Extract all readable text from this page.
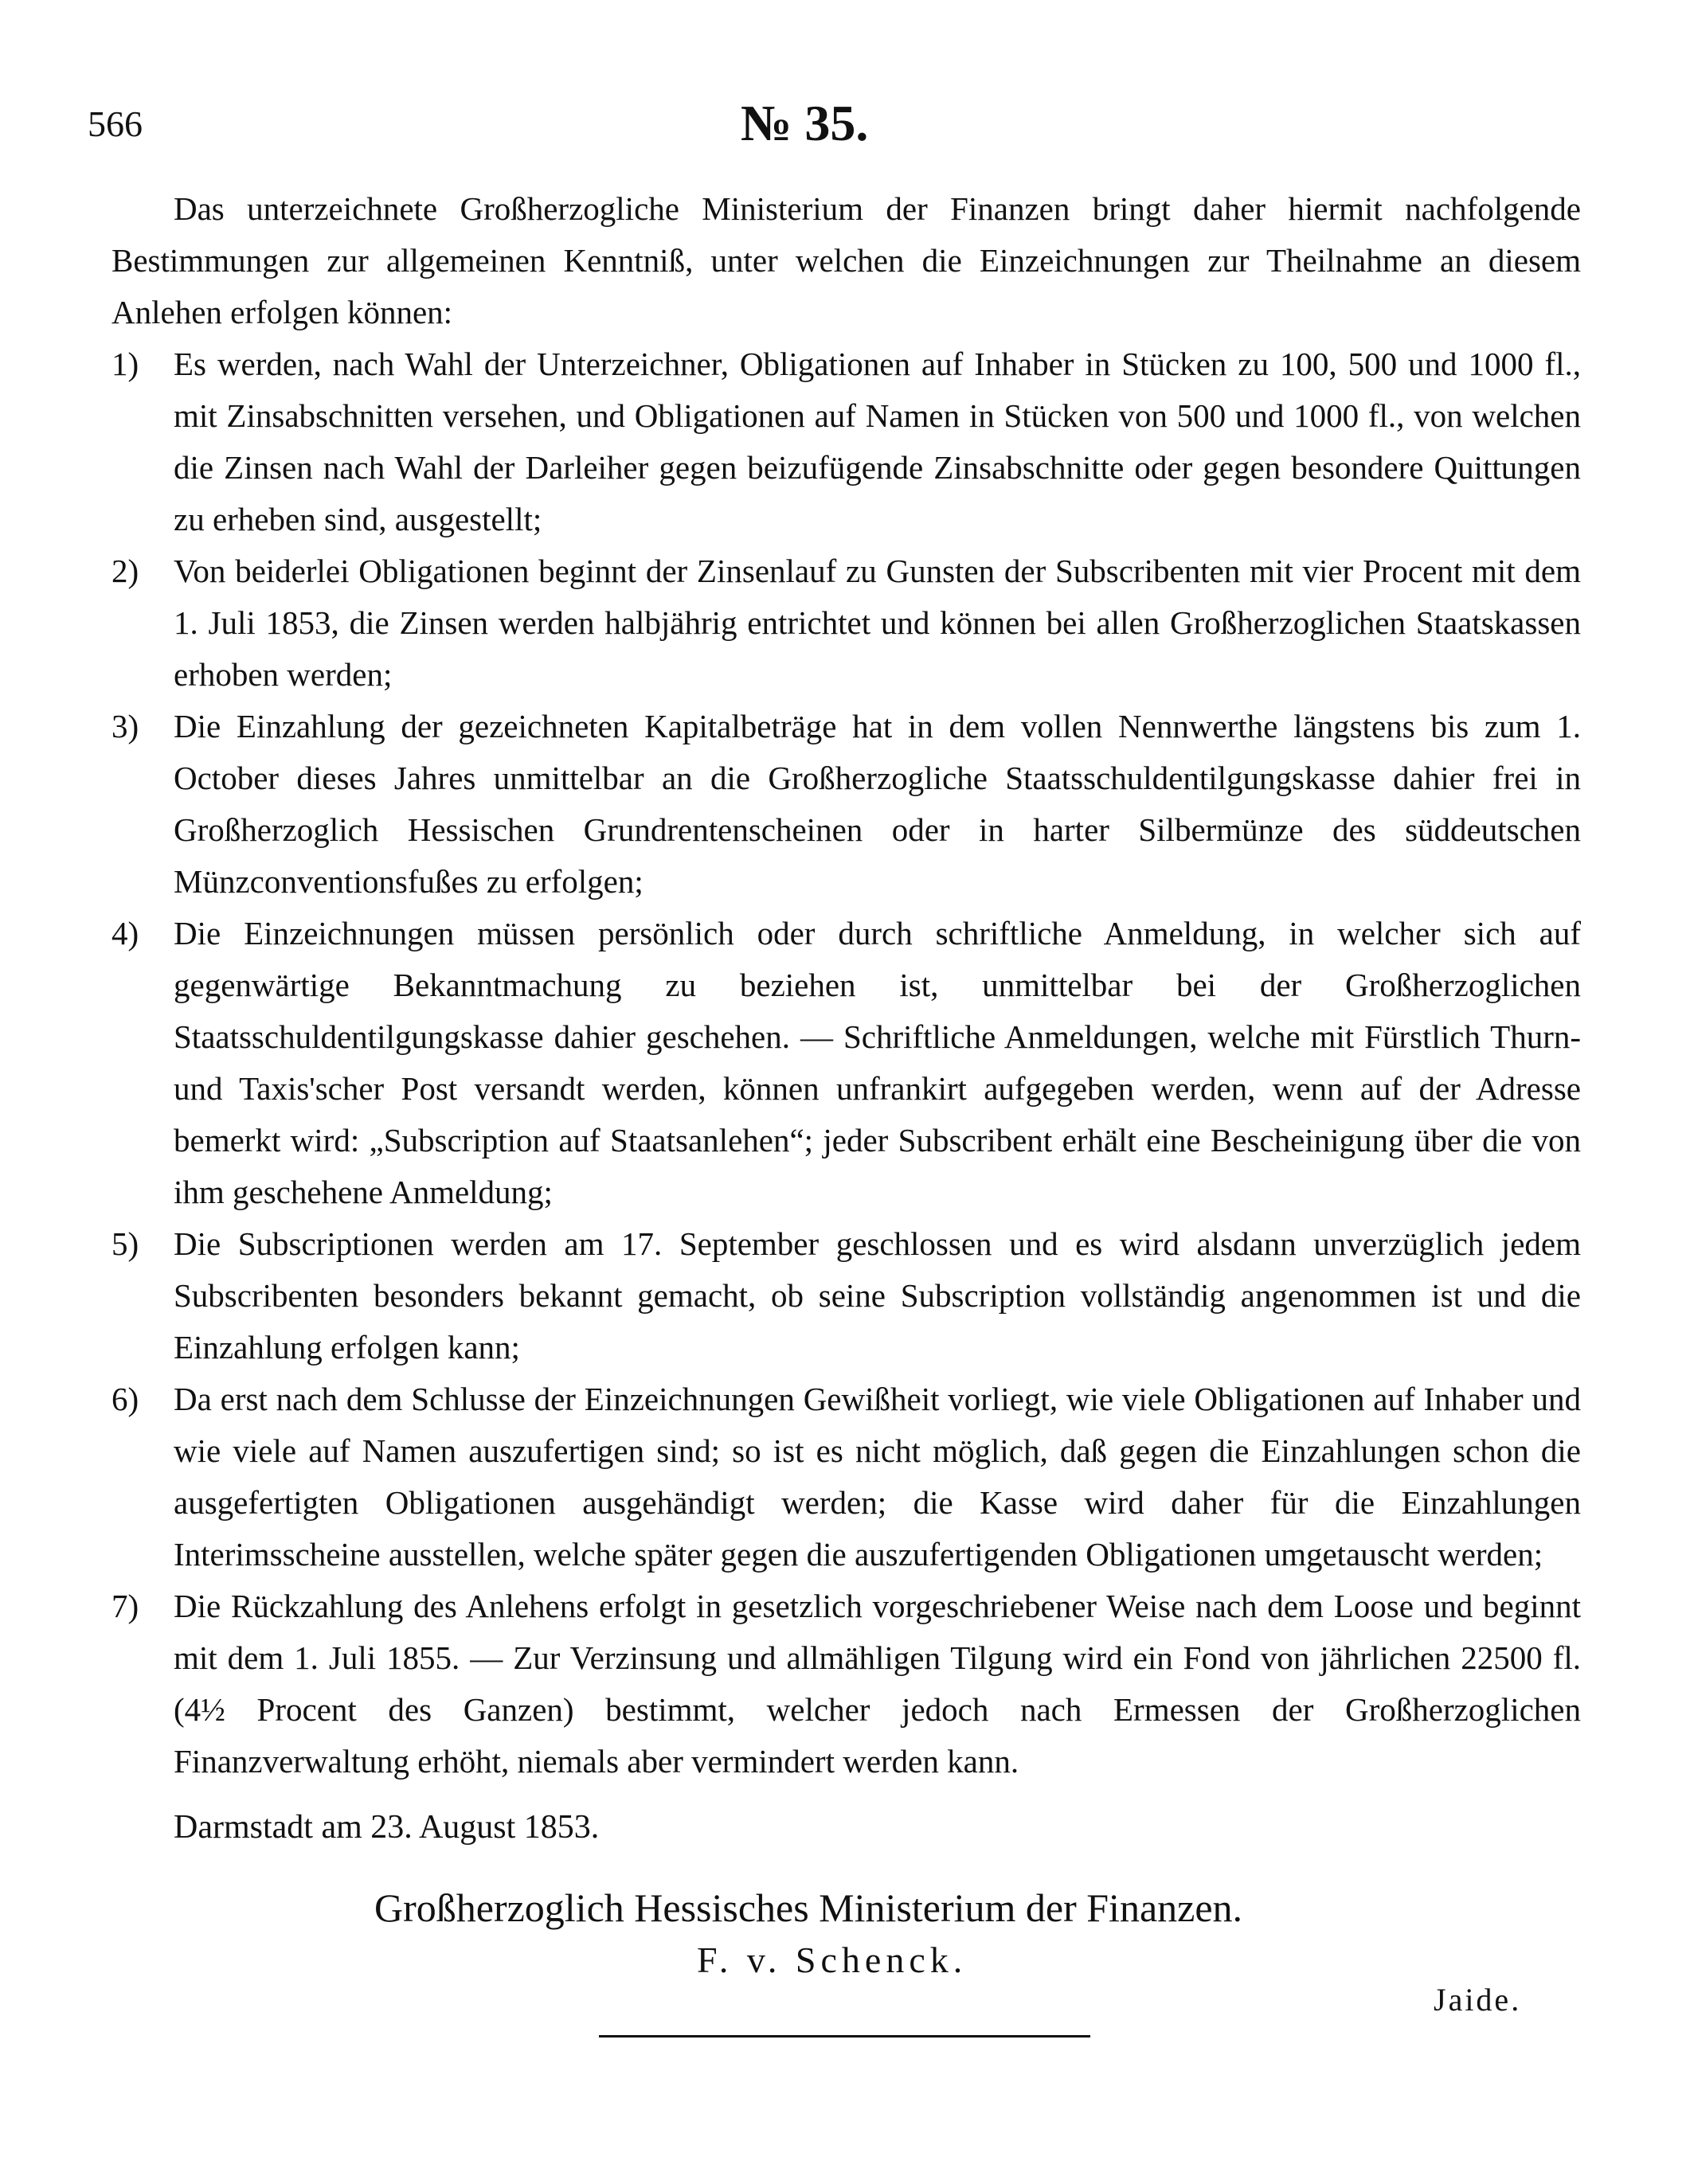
566	№ 35.
Das unterzeichnete Großherzogliche Ministerium der Finanzen bringt daher hiermit nachfolgende Bestimmungen zur allgemeinen Kenntniß, unter welchen die Einzeichnungen zur Theilnahme an diesem Anlehen erfolgen können:
1)	Es werden, nach Wahl der Unterzeichner, Obligationen auf Inhaber in Stücken zu 100, 500 und 1000 fl., mit Zinsabschnitten versehen, und Obligationen auf Namen in Stücken von 500 und 1000 fl., von welchen die Zinsen nach Wahl der Darleiher gegen beizufügende Zinsabschnitte oder gegen besondere Quittungen zu erheben sind, ausgestellt;
2)	Von beiderlei Obligationen beginnt der Zinsenlauf zu Gunsten der Subscribenten mit vier Procent mit dem 1. Juli 1853, die Zinsen werden halbjährig entrichtet und können bei allen Großherzoglichen Staatskassen erhoben werden;
3)	Die Einzahlung der gezeichneten Kapitalbeträge hat in dem vollen Nennwerthe längstens bis zum 1. October dieses Jahres unmittelbar an die Großherzogliche Staatsschuldentilgungskasse dahier frei in Großherzoglich Hessischen Grundrentenscheinen oder in harter Silbermünze des süddeutschen Münzconventionsfußes zu erfolgen;
4)	Die Einzeichnungen müssen persönlich oder durch schriftliche Anmeldung, in welcher sich auf gegenwärtige Bekanntmachung zu beziehen ist, unmittelbar bei der Großherzoglichen Staatsschuldentilgungskasse dahier geschehen. — Schriftliche Anmeldungen, welche mit Fürstlich Thurn- und Taxis'scher Post versandt werden, können unfrankirt aufgegeben werden, wenn auf der Adresse bemerkt wird: „Subscription auf Staatsanlehen“; jeder Subscribent erhält eine Bescheinigung über die von ihm geschehene Anmeldung;
5)	Die Subscriptionen werden am 17. September geschlossen und es wird alsdann unverzüglich jedem Subscribenten besonders bekannt gemacht, ob seine Subscription vollständig angenommen ist und die Einzahlung erfolgen kann;
6)	Da erst nach dem Schlusse der Einzeichnungen Gewißheit vorliegt, wie viele Obligationen auf Inhaber und wie viele auf Namen auszufertigen sind; so ist es nicht möglich, daß gegen die Einzahlungen schon die ausgefertigten Obligationen ausgehändigt werden; die Kasse wird daher für die Einzahlungen Interimsscheine ausstellen, welche später gegen die auszufertigenden Obligationen umgetauscht werden;
7)	Die Rückzahlung des Anlehens erfolgt in gesetzlich vorgeschriebener Weise nach dem Loose und beginnt mit dem 1. Juli 1855. — Zur Verzinsung und allmähligen Tilgung wird ein Fond von jährlichen 22500 fl. (4½ Procent des Ganzen) bestimmt, welcher jedoch nach Ermessen der Großherzoglichen Finanzverwaltung erhöht, niemals aber vermindert werden kann.
Darmstadt am 23. August 1853.
Großherzoglich Hessisches Ministerium der Finanzen.
F. v. Schenck.
Jaide.
